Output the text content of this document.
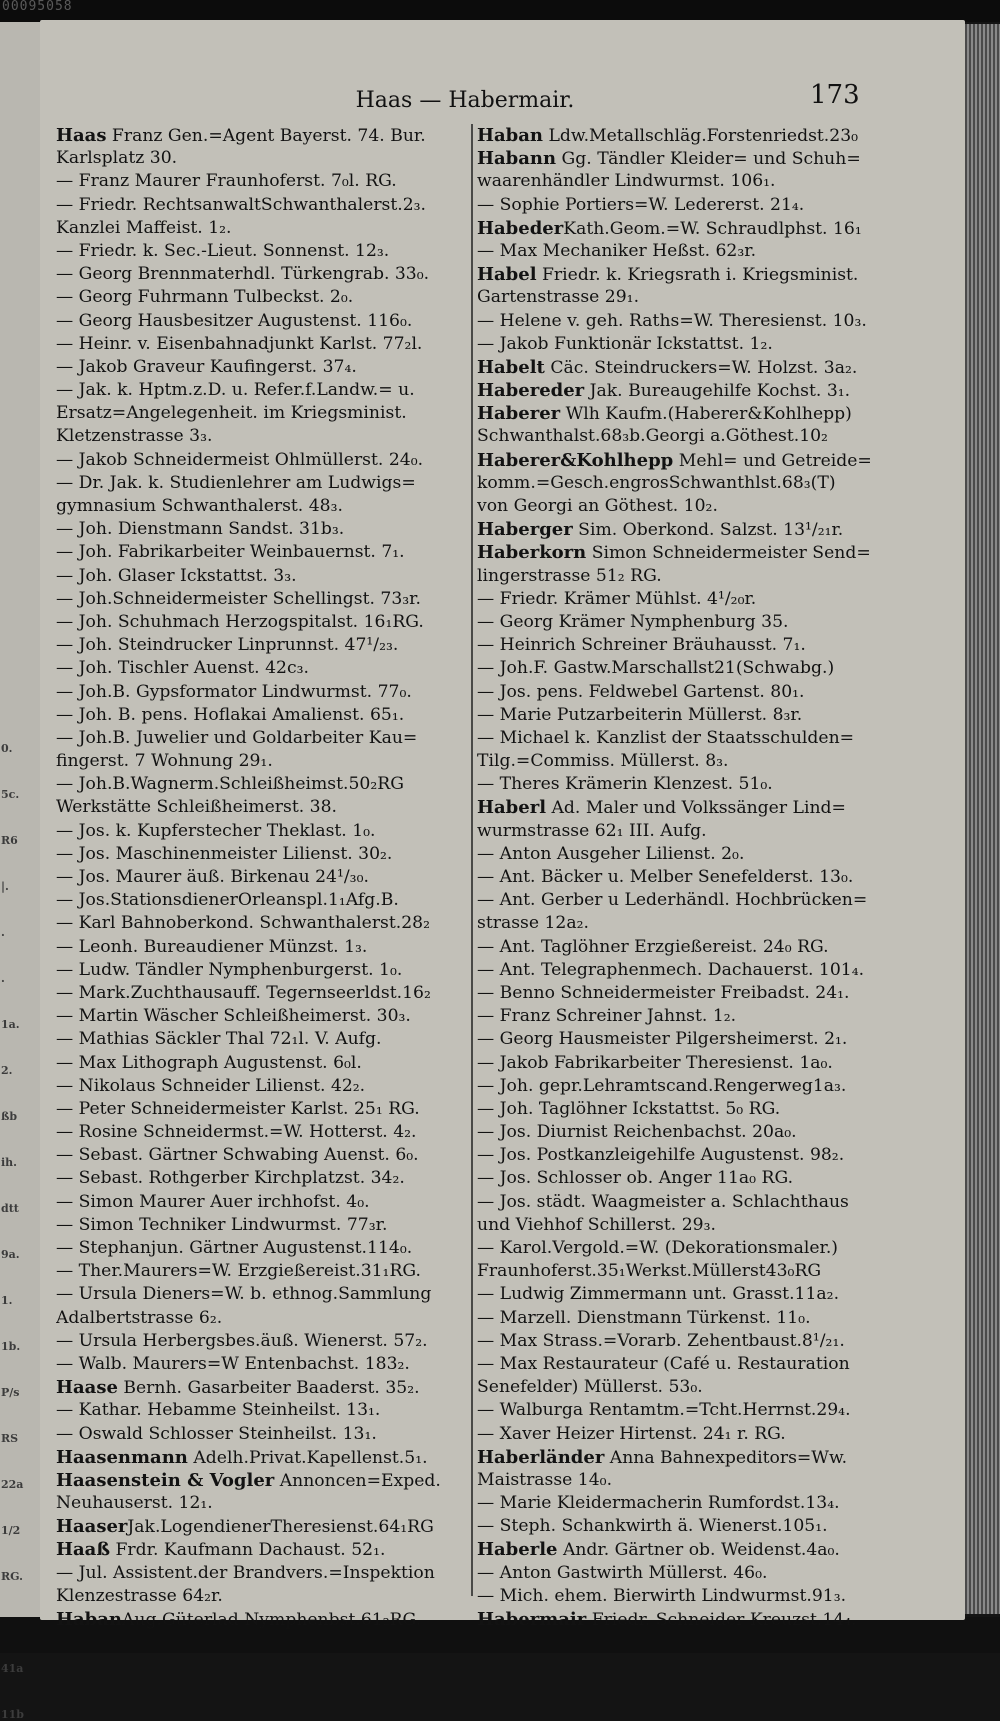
00095058
0.
5c.
R6
|.
.
.
1a.
2.
ßb
ih.
dtt
9a.
1.
1b.
P/s
RS
22a
1/2
RG.
41a
11b
Haas — Habermair.	173
Haas Franz Gen.=Agent Bayerst. 74. Bur.
Karlsplatz 30.
— Franz Maurer Fraunhoferst. 7₀l. RG.
— Friedr. RechtsanwaltSchwanthalerst.2₃.
Kanzlei Maffeist. 1₂.
— Friedr. k. Sec.-Lieut. Sonnenst. 12₃.
— Georg Brennmaterhdl. Türkengrab. 33₀.
— Georg Fuhrmann Tulbeckst. 2₀.
— Georg Hausbesitzer Augustenst. 116₀.
— Heinr. v. Eisenbahnadjunkt Karlst. 77₂l.
— Jakob Graveur Kaufingerst. 37₄.
— Jak. k. Hptm.z.D. u. Refer.f.Landw.= u.
Ersatz=Angelegenheit. im Kriegsminist.
Kletzenstrasse 3₃.
— Jakob Schneidermeist Ohlmüllerst. 24₀.
— Dr. Jak. k. Studienlehrer am Ludwigs=
gymnasium Schwanthalerst. 48₃.
— Joh. Dienstmann Sandst. 31b₃.
— Joh. Fabrikarbeiter Weinbauernst. 7₁.
— Joh. Glaser Ickstattst. 3₃.
— Joh.Schneidermeister Schellingst. 73₃r.
— Joh. Schuhmach Herzogspitalst. 16₁RG.
— Joh. Steindrucker Linprunnst. 47¹/₂₃.
— Joh. Tischler Auenst. 42c₃.
— Joh.B. Gypsformator Lindwurmst. 77₀.
— Joh. B. pens. Hoflakai Amalienst. 65₁.
— Joh.B. Juwelier und Goldarbeiter Kau=
fingerst. 7 Wohnung 29₁.
— Joh.B.Wagnerm.Schleißheimst.50₂RG
Werkstätte Schleißheimerst. 38.
— Jos. k. Kupferstecher Theklast. 1₀.
— Jos. Maschinenmeister Lilienst. 30₂.
— Jos. Maurer äuß. Birkenau 24¹/₃₀.
— Jos.StationsdienerOrleanspl.1₁Afg.B.
— Karl Bahnoberkond. Schwanthalerst.28₂
— Leonh. Bureaudiener Münzst. 1₃.
— Ludw. Tändler Nymphenburgerst. 1₀.
— Mark.Zuchthausauff. Tegernseerldst.16₂
— Martin Wäscher Schleißheimerst. 30₃.
— Mathias Säckler Thal 72₁l. V. Aufg.
— Max Lithograph Augustenst. 6₀l.
— Nikolaus Schneider Lilienst. 42₂.
— Peter Schneidermeister Karlst. 25₁ RG.
— Rosine Schneidermst.=W. Hotterst. 4₂.
— Sebast. Gärtner Schwabing Auenst. 6₀.
— Sebast. Rothgerber Kirchplatzst. 34₂.
— Simon Maurer Auer irchhofst. 4₀.
— Simon Techniker Lindwurmst. 77₃r.
— Stephanjun. Gärtner Augustenst.114₀.
— Ther.Maurers=W. Erzgießereist.31₁RG.
— Ursula Dieners=W. b. ethnog.Sammlung
Adalbertstrasse 6₂.
— Ursula Herbergsbes.äuß. Wienerst. 57₂.
— Walb. Maurers=W Entenbachst. 183₂.
Haase Bernh. Gasarbeiter Baaderst. 35₂.
— Kathar. Hebamme Steinheilst. 13₁.
— Oswald Schlosser Steinheilst. 13₁.
Haasenmann Adelh.Privat.Kapellenst.5₁.
Haasenstein & Vogler Annoncen=Exped.
Neuhauserst. 12₁.
HaaserJak.LogendienerTheresienst.64₁RG
Haaß Frdr. Kaufmann Dachaust. 52₁.
— Jul. Assistent.der Brandvers.=Inspektion
Klenzestrasse 64₂r.
HabanAug.Güterlad Nymphenbst.61₂RG.
Haban Ldw.Metallschläg.Forstenriedst.23₀
Habann Gg. Tändler Kleider= und Schuh=
waarenhändler Lindwurmst. 106₁.
— Sophie Portiers=W. Ledererst. 21₄.
HabederKath.Geom.=W. Schraudlphst. 16₁
— Max Mechaniker Heßst. 62₃r.
Habel Friedr. k. Kriegsrath i. Kriegsminist.
Gartenstrasse 29₁.
— Helene v. geh. Raths=W. Theresienst. 10₃.
— Jakob Funktionär Ickstattst. 1₂.
Habelt Cäc. Steindruckers=W. Holzst. 3a₂.
Habereder Jak. Bureaugehilfe Kochst. 3₁.
Haberer Wlh Kaufm.(Haberer&Kohlhepp)
Schwanthalst.68₃b.Georgi a.Göthest.10₂
Haberer&Kohlhepp Mehl= und Getreide=
komm.=Gesch.engrosSchwanthlst.68₃(T)
von Georgi an Göthest. 10₂.
Haberger Sim. Oberkond. Salzst. 13¹/₂₁r.
Haberkorn Simon Schneidermeister Send=
lingerstrasse 51₂ RG.
— Friedr. Krämer Mühlst. 4¹/₂₀r.
— Georg Krämer Nymphenburg 35.
— Heinrich Schreiner Bräuhausst. 7₁.
— Joh.F. Gastw.Marschallst21(Schwabg.)
— Jos. pens. Feldwebel Gartenst. 80₁.
— Marie Putzarbeiterin Müllerst. 8₃r.
— Michael k. Kanzlist der Staatsschulden=
Tilg.=Commiss. Müllerst. 8₃.
— Theres Krämerin Klenzest. 51₀.
Haberl Ad. Maler und Volkssänger Lind=
wurmstrasse 62₁ III. Aufg.
— Anton Ausgeher Lilienst. 2₀.
— Ant. Bäcker u. Melber Senefelderst. 13₀.
— Ant. Gerber u Lederhändl. Hochbrücken=
strasse 12a₂.
— Ant. Taglöhner Erzgießereist. 24₀ RG.
— Ant. Telegraphenmech. Dachauerst. 101₄.
— Benno Schneidermeister Freibadst. 24₁.
— Franz Schreiner Jahnst. 1₂.
— Georg Hausmeister Pilgersheimerst. 2₁.
— Jakob Fabrikarbeiter Theresienst. 1a₀.
— Joh. gepr.Lehramtscand.Rengerweg1a₃.
— Joh. Taglöhner Ickstattst. 5₀ RG.
— Jos. Diurnist Reichenbachst. 20a₀.
— Jos. Postkanzleigehilfe Augustenst. 98₂.
— Jos. Schlosser ob. Anger 11a₀ RG.
— Jos. städt. Waagmeister a. Schlachthaus
und Viehhof Schillerst. 29₃.
— Karol.Vergold.=W. (Dekorationsmaler.)
Fraunhoferst.35₁Werkst.Müllerst43₀RG
— Ludwig Zimmermann unt. Grasst.11a₂.
— Marzell. Dienstmann Türkenst. 11₀.
— Max Strass.=Vorarb. Zehentbaust.8¹/₂₁.
— Max Restaurateur (Café u. Restauration
Senefelder) Müllerst. 53₀.
— Walburga Rentamtm.=Tcht.Herrnst.29₄.
— Xaver Heizer Hirtenst. 24₁ r. RG.
Haberländer Anna Bahnexpeditors=Ww.
Maistrasse 14₀.
— Marie Kleidermacherin Rumfordst.13₄.
— Steph. Schankwirth ä. Wienerst.105₁.
Haberle Andr. Gärtner ob. Weidenst.4a₀.
— Anton Gastwirth Müllerst. 46₀.
— Mich. ehem. Bierwirth Lindwurmst.91₃.
Habermair Friedr. Schneider Kreuzst.14₄.
